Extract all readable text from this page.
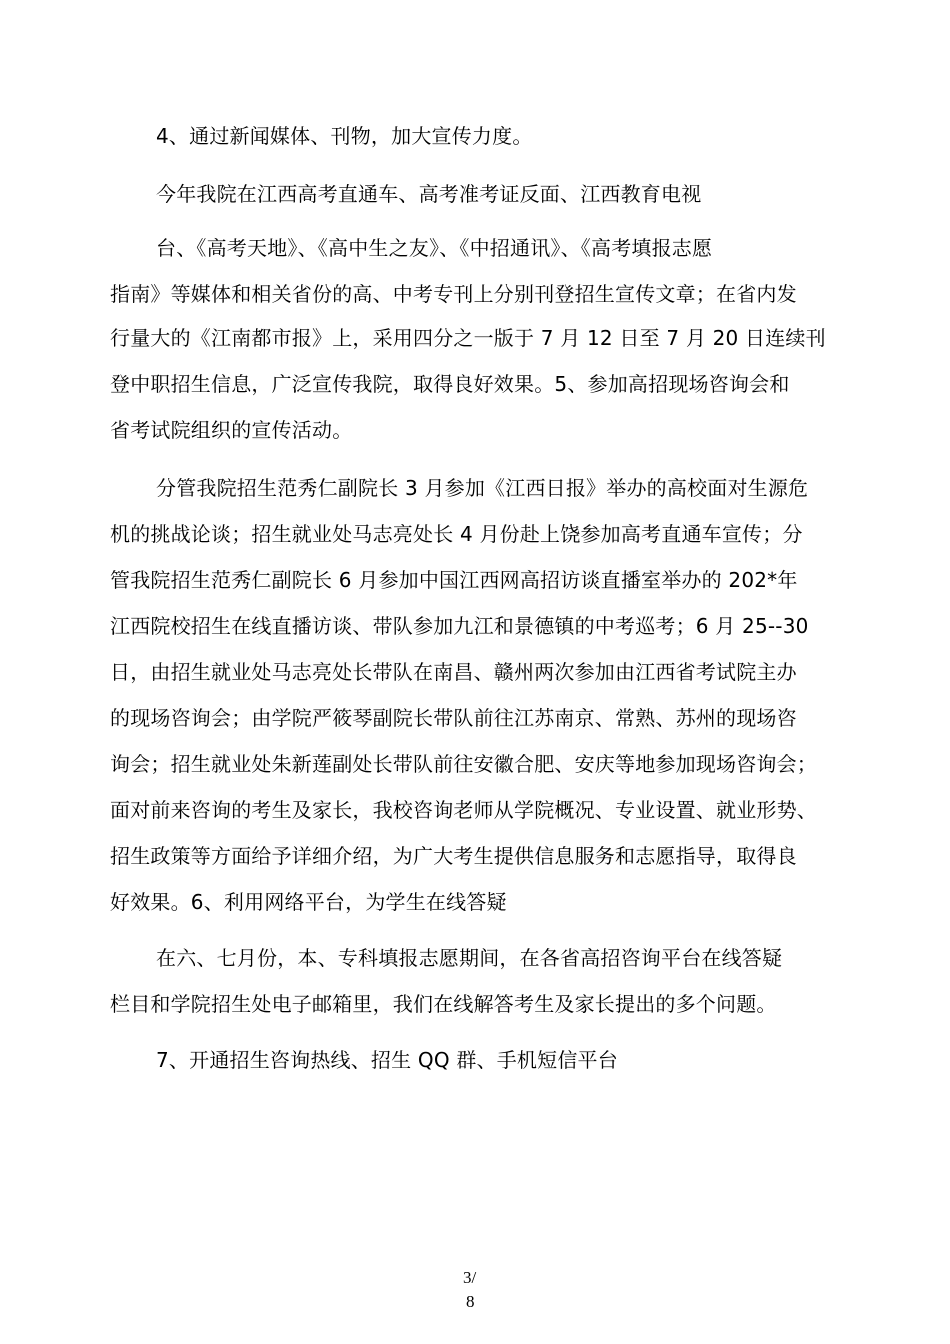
4、通过新闻媒体、刊物，加大宣传力度。
今年我院在江西高考直通车、高考准考证反面、江西教育电视
台、《高考天地》、《高中生之友》、《中招通讯》、《高考填报志愿
指南》等媒体和相关省份的高、中考专刊上分别刊登招生宣传文章；在省内发
行量大的《江南都市报》上，采用四分之一版于 7 月 12 日至 7 月 20 日连续刊
登中职招生信息，广泛宣传我院，取得良好效果。5、参加高招现场咨询会和
省考试院组织的宣传活动。
分管我院招生范秀仁副院长 3 月参加《江西日报》举办的高校面对生源危
机的挑战论谈；招生就业处马志亮处长 4 月份赴上饶参加高考直通车宣传；分
管我院招生范秀仁副院长 6 月参加中国江西网高招访谈直播室举办的 202*年
江西院校招生在线直播访谈、带队参加九江和景德镇的中考巡考；6 月 25--30
日，由招生就业处马志亮处长带队在南昌、赣州两次参加由江西省考试院主办
的现场咨询会；由学院严筱琴副院长带队前往江苏南京、常熟、苏州的现场咨
询会；招生就业处朱新莲副处长带队前往安徽合肥、安庆等地参加现场咨询会；
面对前来咨询的考生及家长，我校咨询老师从学院概况、专业设置、就业形势、
招生政策等方面给予详细介绍，为广大考生提供信息服务和志愿指导，取得良
好效果。6、利用网络平台，为学生在线答疑
在六、七月份，本、专科填报志愿期间，在各省高招咨询平台在线答疑
栏目和学院招生处电子邮箱里，我们在线解答考生及家长提出的多个问题。
7、开通招生咨询热线、招生 QQ 群、手机短信平台
3/
8
